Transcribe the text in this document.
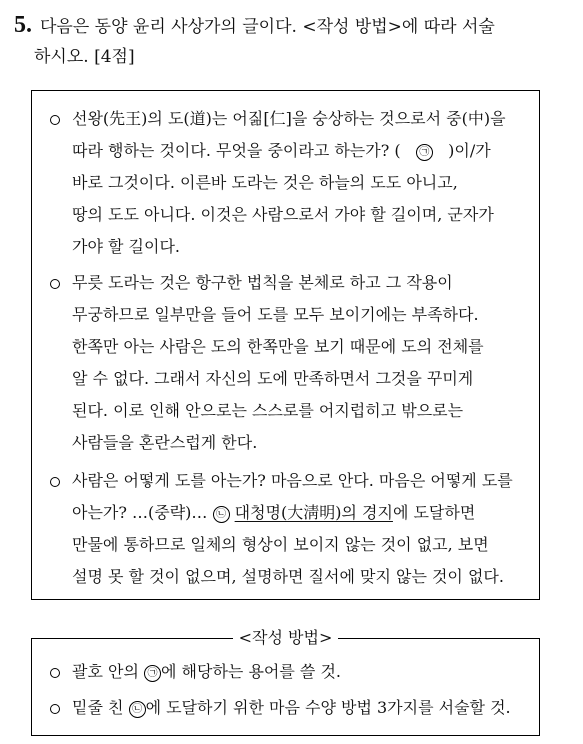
5. 다음은 동양 윤리 사상가의 글이다. <작성 방법>에 따라 서술
하시오. [4점]
선왕(先王)의 도(道)는 어짊[仁]을 숭상하는 것으로서 중(中)을
따라 행하는 것이다. 무엇을 중이라고 하는가? ( ㉠ )이/가
바로 그것이다. 이른바 도라는 것은 하늘의 도도 아니고,
땅의 도도 아니다. 이것은 사람으로서 가야 할 길이며, 군자가
가야 할 길이다.
무릇 도라는 것은 항구한 법칙을 본체로 하고 그 작용이
무궁하므로 일부만을 들어 도를 모두 보이기에는 부족하다.
한쪽만 아는 사람은 도의 한쪽만을 보기 때문에 도의 전체를
알 수 없다. 그래서 자신의 도에 만족하면서 그것을 꾸미게
된다. 이로 인해 안으로는 스스로를 어지럽히고 밖으로는
사람들을 혼란스럽게 한다.
사람은 어떻게 도를 아는가? 마음으로 안다. 마음은 어떻게 도를
아는가? …(중략)… ㉡ 대청명(大淸明)의 경지에 도달하면
만물에 통하므로 일체의 형상이 보이지 않는 것이 없고, 보면
설명 못 할 것이 없으며, 설명하면 질서에 맞지 않는 것이 없다.
<작성 방법>
괄호 안의 ㉠ 에 해당하는 용어를 쓸 것.
밑줄 친 ㉡ 에 도달하기 위한 마음 수양 방법 3가지를 서술할 것.
